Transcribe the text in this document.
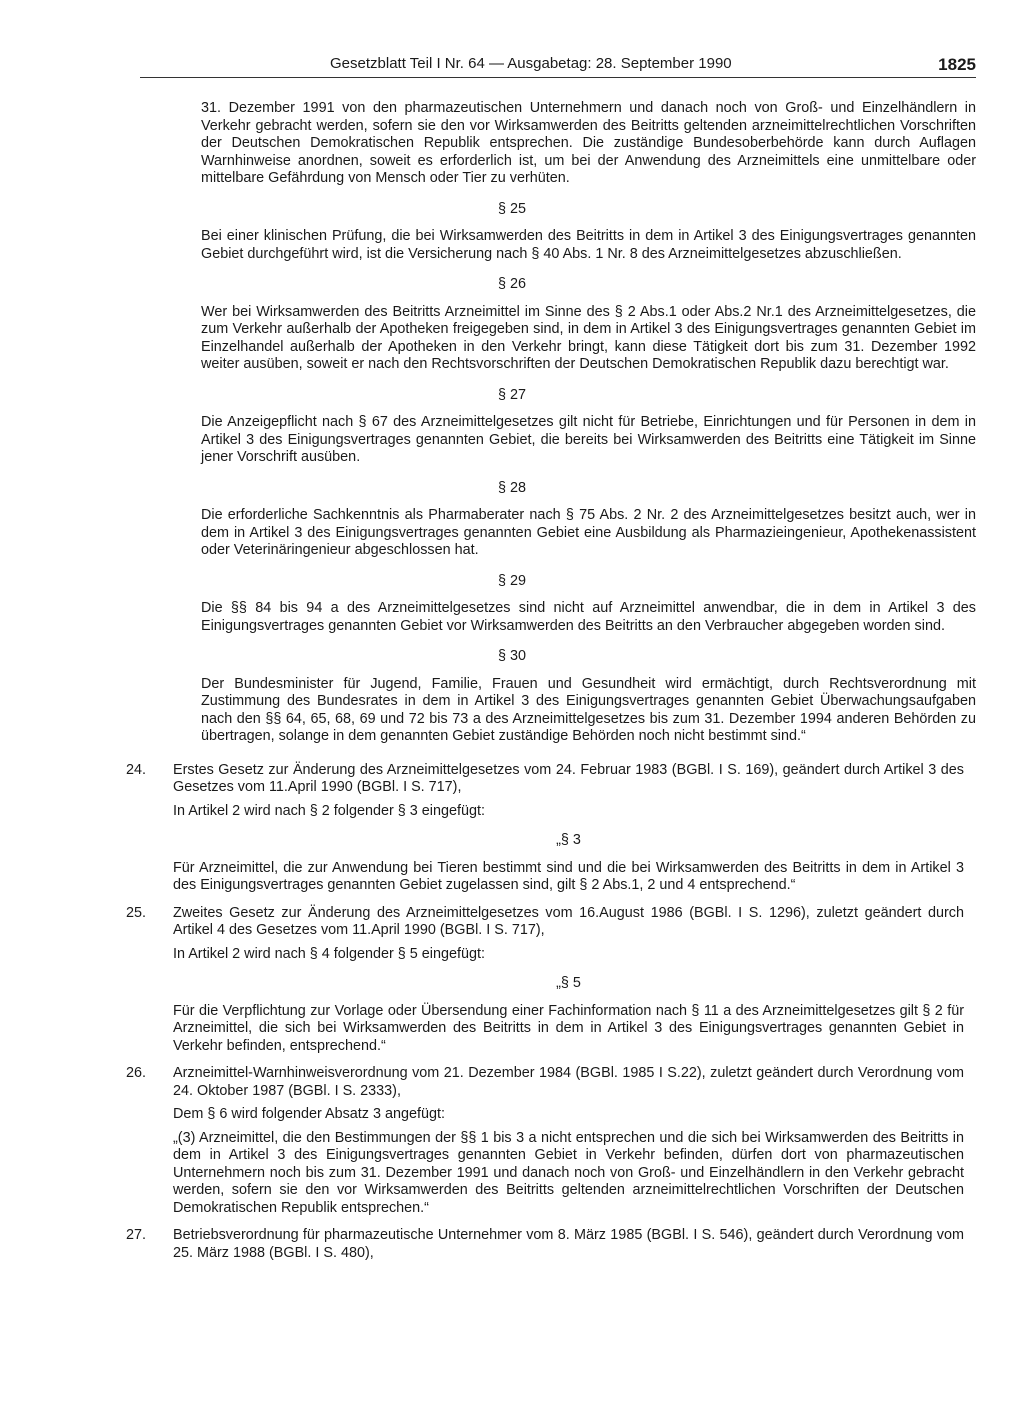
Gesetzblatt Teil I Nr. 64 — Ausgabetag: 28. September 1990	1825
31. Dezember 1991 von den pharmazeutischen Unternehmern und danach noch von Groß- und Einzelhändlern in Verkehr gebracht werden, sofern sie den vor Wirksamwerden des Beitritts geltenden arzneimittelrechtlichen Vorschriften der Deutschen Demokratischen Republik entsprechen. Die zuständige Bundesoberbehörde kann durch Auflagen Warnhinweise anordnen, soweit es erforderlich ist, um bei der Anwendung des Arzneimittels eine unmittelbare oder mittelbare Gefährdung von Mensch oder Tier zu verhüten.
§ 25
Bei einer klinischen Prüfung, die bei Wirksamwerden des Beitritts in dem in Artikel 3 des Einigungsvertrages genannten Gebiet durchgeführt wird, ist die Versicherung nach § 40 Abs. 1 Nr. 8 des Arzneimittelgesetzes abzuschließen.
§ 26
Wer bei Wirksamwerden des Beitritts Arzneimittel im Sinne des § 2 Abs.1 oder Abs.2 Nr.1 des Arzneimittelgesetzes, die zum Verkehr außerhalb der Apotheken freigegeben sind, in dem in Artikel 3 des Einigungsvertrages genannten Gebiet im Einzelhandel außerhalb der Apotheken in den Verkehr bringt, kann diese Tätigkeit dort bis zum 31. Dezember 1992 weiter ausüben, soweit er nach den Rechtsvorschriften der Deutschen Demokratischen Republik dazu berechtigt war.
§ 27
Die Anzeigepflicht nach § 67 des Arzneimittelgesetzes gilt nicht für Betriebe, Einrichtungen und für Personen in dem in Artikel 3 des Einigungsvertrages genannten Gebiet, die bereits bei Wirksamwerden des Beitritts eine Tätigkeit im Sinne jener Vorschrift ausüben.
§ 28
Die erforderliche Sachkenntnis als Pharmaberater nach § 75 Abs. 2 Nr. 2 des Arzneimittelgesetzes besitzt auch, wer in dem in Artikel 3 des Einigungsvertrages genannten Gebiet eine Ausbildung als Pharmazieingenieur, Apothekenassistent oder Veterinäringenieur abgeschlossen hat.
§ 29
Die §§ 84 bis 94 a des Arzneimittelgesetzes sind nicht auf Arzneimittel anwendbar, die in dem in Artikel 3 des Einigungsvertrages genannten Gebiet vor Wirksamwerden des Beitritts an den Verbraucher abgegeben worden sind.
§ 30
Der Bundesminister für Jugend, Familie, Frauen und Gesundheit wird ermächtigt, durch Rechtsverordnung mit Zustimmung des Bundesrates in dem in Artikel 3 des Einigungsvertrages genannten Gebiet Überwachungsaufgaben nach den §§ 64, 65, 68, 69 und 72 bis 73 a des Arzneimittelgesetzes bis zum 31. Dezember 1994 anderen Behörden zu übertragen, solange in dem genannten Gebiet zuständige Behörden noch nicht bestimmt sind.“
24. Erstes Gesetz zur Änderung des Arzneimittelgesetzes vom 24. Februar 1983 (BGBl. I S. 169), geändert durch Artikel 3 des Gesetzes vom 11.April 1990 (BGBl. I S. 717),
In Artikel 2 wird nach § 2 folgender § 3 eingefügt:
„§ 3
Für Arzneimittel, die zur Anwendung bei Tieren bestimmt sind und die bei Wirksamwerden des Beitritts in dem in Artikel 3 des Einigungsvertrages genannten Gebiet zugelassen sind, gilt § 2 Abs.1, 2 und 4 entsprechend.“
25. Zweites Gesetz zur Änderung des Arzneimittelgesetzes vom 16.August 1986 (BGBl. I S. 1296), zuletzt geändert durch Artikel 4 des Gesetzes vom 11.April 1990 (BGBl. I S. 717),
In Artikel 2 wird nach § 4 folgender § 5 eingefügt:
„§ 5
Für die Verpflichtung zur Vorlage oder Übersendung einer Fachinformation nach § 11 a des Arzneimittelgesetzes gilt § 2 für Arzneimittel, die sich bei Wirksamwerden des Beitritts in dem in Artikel 3 des Einigungsvertrages genannten Gebiet in Verkehr befinden, entsprechend.“
26. Arzneimittel-Warnhinweisverordnung vom 21. Dezember 1984 (BGBl. 1985 I S.22), zuletzt geändert durch Verordnung vom 24. Oktober 1987 (BGBl. I S. 2333),
Dem § 6 wird folgender Absatz 3 angefügt:
„(3) Arzneimittel, die den Bestimmungen der §§ 1 bis 3 a nicht entsprechen und die sich bei Wirksamwerden des Beitritts in dem in Artikel 3 des Einigungsvertrages genannten Gebiet in Verkehr befinden, dürfen dort von pharmazeutischen Unternehmern noch bis zum 31. Dezember 1991 und danach noch von Groß- und Einzelhändlern in den Verkehr gebracht werden, sofern sie den vor Wirksamwerden des Beitritts geltenden arzneimittelrechtlichen Vorschriften der Deutschen Demokratischen Republik entsprechen.“
27. Betriebsverordnung für pharmazeutische Unternehmer vom 8. März 1985 (BGBl. I S. 546), geändert durch Verordnung vom 25. März 1988 (BGBl. I S. 480),
